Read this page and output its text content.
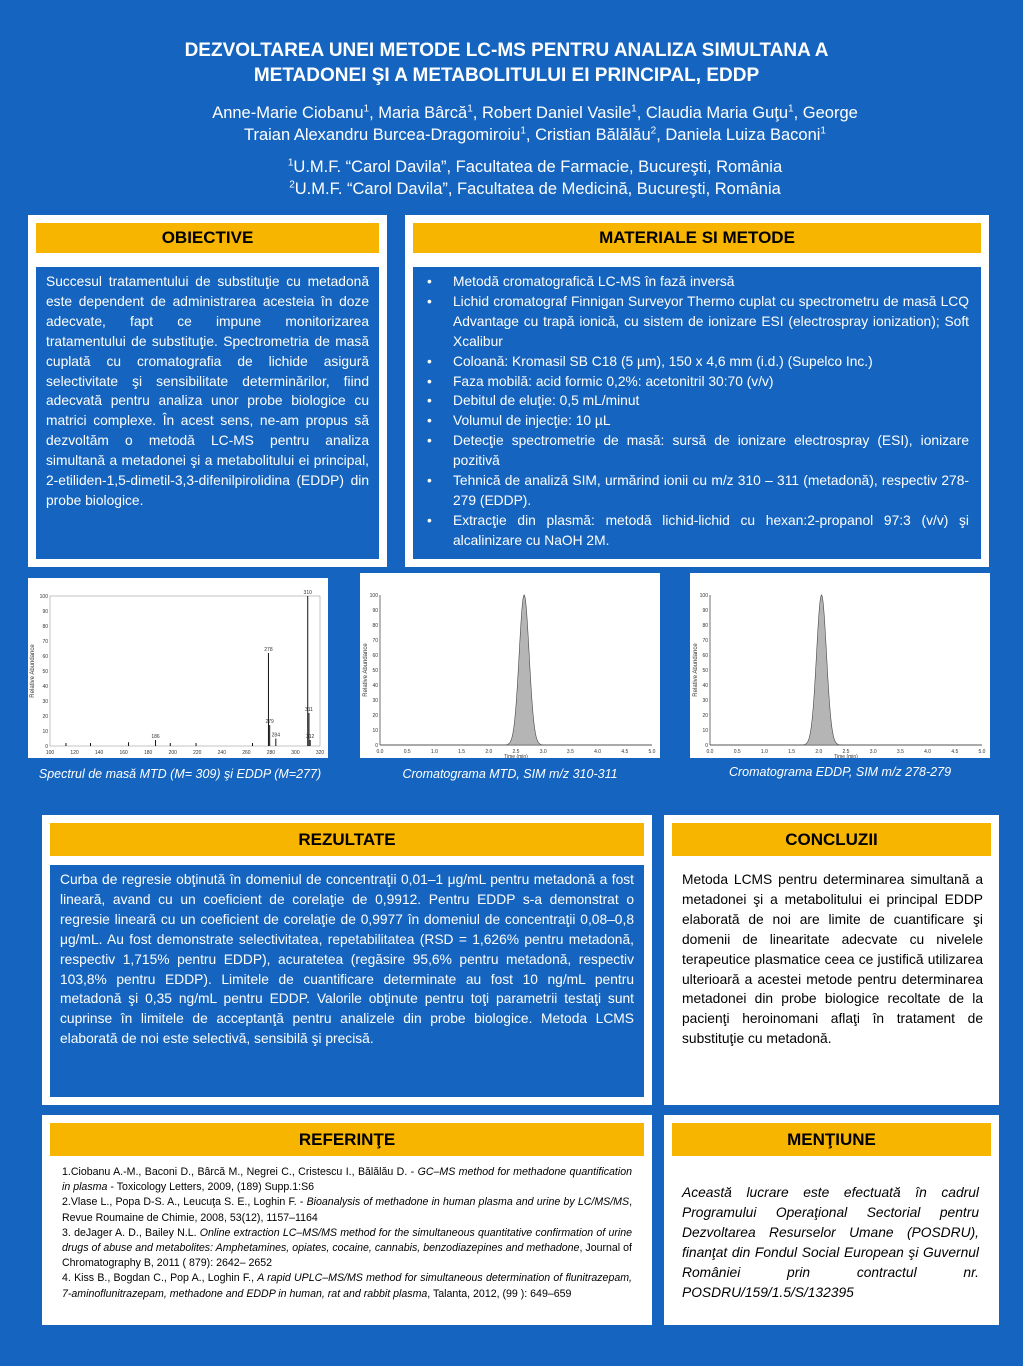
DEZVOLTAREA UNEI METODE LC-MS PENTRU ANALIZA SIMULTANA A
METADONEI ŞI A METABOLITULUI EI PRINCIPAL, EDDP
Anne-Marie Ciobanu$^1$, Maria Bârcă$^1$, Robert Daniel Vasile$^1$, Claudia Maria Guţu$^1$, George
Traian Alexandru Burcea-Dragomiroiu$^1$, Cristian Bălălău$^2$, Daniela Luiza Baconi$^1$
$^1$U.M.F. “Carol Davila”, Facultatea de Farmacie, Bucureşti, România
$^2$U.M.F. “Carol Davila”, Facultatea de Medicină, Bucureşti, România
OBIECTIVE
Succesul tratamentului de substituţie cu metadonă este dependent de administrarea acesteia în doze adecvate, fapt ce impune monitorizarea tratamentului de substituţie. Spectrometria de masă cuplată cu cromatografia de lichide asigură selectivitate şi sensibilitate determinărilor, fiind adecvată pentru analiza unor probe biologice cu matrici complexe. În acest sens, ne-am propus să dezvoltăm o metodă LC-MS pentru analiza simultană a metadonei şi a metabolitului ei principal, 2-etiliden-1,5-dimetil-3,3-difenilpirolidina (EDDP) din probe biologice.
MATERIALE SI METODE
• Metodă cromatografică LC-MS în fază inversă
• Lichid cromatograf Finnigan Surveyor Thermo cuplat cu spectrometru de masă LCQ Advantage cu trapă ionică, cu sistem de ionizare ESI (electrospray ionization); Soft Xcalibur
• Coloană: Kromasil SB C18 (5 µm), 150 x 4,6 mm (i.d.) (Supelco Inc.)
• Faza mobilă: acid formic 0,2%: acetonitril 30:70 (v/v)
• Debitul de eluţie: 0,5 mL/minut
• Volumul de injecţie: 10 µL
• Detecţie spectrometrie de masă: sursă de ionizare electrospray (ESI), ionizare pozitivă
• Tehnică de analiză SIM, urmărind ionii cu m/z 310 – 311 (metadonă), respectiv 278-279 (EDDP).
• Extracţie din plasmă: metodă lichid-lichid cu hexan:2-propanol 97:3 (v/v) şi alcalinizare cu NaOH 2M.
Relative Abundance
0
10
20
30
40
50
60
70
80
90
100
100	120	140	160	180	200	220	240	260	280	300	320
186
278
279
284
310
311
312
0
10
20
30
40
50
60
70
80
90
100
0.0	0.5	1.0	1.5	2.0	2.5	3.0	3.5	4.0	4.5	5.0
Relative Abundance
Time (min)
0
10
20
30
40
50
60
70
80
90
100
0.0	0.5	1.0	1.5	2.0	2.5	3.0	3.5	4.0	4.5	5.0
Relative Abundance
Time (min)
Spectrul de masă MTD (M= 309) şi EDDP (M=277)	Cromatograma MTD, SIM m/z 310-311	Cromatograma EDDP, SIM m/z 278-279
REZULTATE
Curba de regresie obţinută în domeniul de concentraţii 0,01–1 μg/mL pentru metadonă a fost lineară, avand cu un coeficient de corelaţie de 0,9912. Pentru EDDP s-a demonstrat o regresie lineară cu un coeficient de corelaţie de 0,9977 în domeniul de concentraţii 0,08–0,8 μg/mL. Au fost demonstrate selectivitatea, repetabilitatea (RSD = 1,626% pentru metadonă, respectiv 1,715% pentru EDDP), acuratetea (regăsire 95,6% pentru metadonă, respectiv 103,8% pentru EDDP). Limitele de cuantificare determinate au fost 10 ng/mL pentru metadonă şi 0,35 ng/mL pentru EDDP. Valorile obţinute pentru toţi parametrii testaţi sunt cuprinse în limitele de acceptanţă pentru analizele din probe biologice. Metoda LCMS elaborată de noi este selectivă, sensibilă şi precisă.
CONCLUZII
Metoda LCMS pentru determinarea simultană a metadonei şi a metabolitului ei principal EDDP elaborată de noi are limite de cuantificare şi domenii de linearitate adecvate cu nivelele terapeutice plasmatice ceea ce justifică utilizarea ulterioară a acestei metode pentru determinarea metadonei din probe biologice recoltate de la pacienţi heroinomani aflaţi în tratament de substituţie cu metadonă.
REFERINŢE

1.Ciobanu A.-M., Baconi D., Bârcă M., Negrei C., Cristescu I., Bălălău D. - GC–MS method for methadone quantification in plasma - Toxicology Letters, 2009, (189) Supp.1:S6

2.Vlase L., Popa D-S. A., Leucuţa S. E., Loghin F. - Bioanalysis of methadone in human plasma and urine by LC/MS/MS, Revue Roumaine de Chimie, 2008, 53(12), 1157–1164

3. deJager A. D., Bailey N.L. Online extraction LC–MS/MS method for the simultaneous quantitative confirmation of urine drugs of abuse and metabolites: Amphetamines, opiates, cocaine, cannabis, benzodiazepines and methadone, Journal of Chromatography B, 2011 ( 879): 2642– 2652

4. Kiss B., Bogdan C., Pop A., Loghin F., A rapid UPLC–MS/MS method for simultaneous determination of flunitrazepam, 7-aminoflunitrazepam, methadone and EDDP in human, rat and rabbit plasma, Talanta, 2012, (99 ): 649–659

MENŢIUNE
Această lucrare este efectuată în cadrul Programului Operaţional Sectorial pentru Dezvoltarea Resurselor Umane (POSDRU), finanţat din Fondul Social European şi Guvernul României prin contractul nr. POSDRU/159/1.5/S/132395
